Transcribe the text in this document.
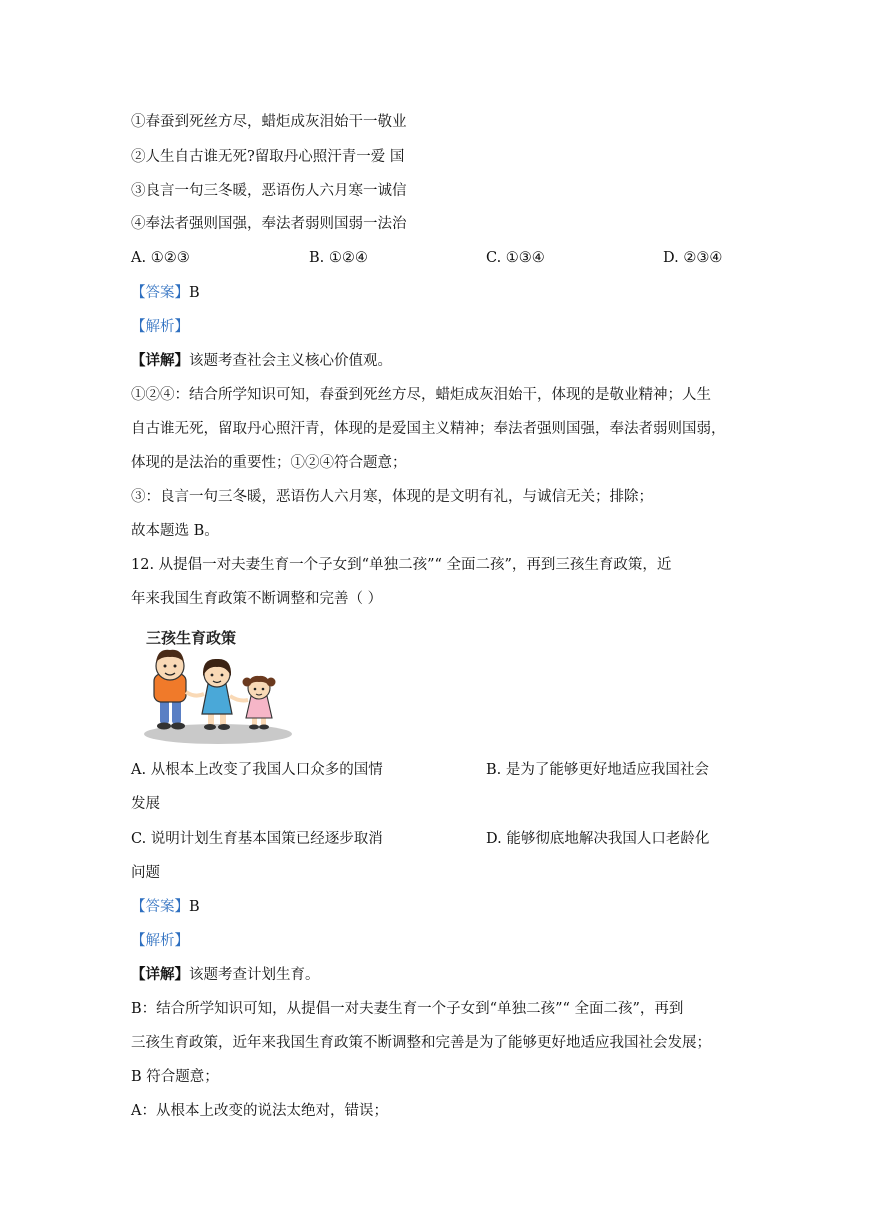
①春蚕到死丝方尽，蜡炬成灰泪始干一敬业
②人生自古谁无死?留取丹心照汗青一爱 国
③良言一句三冬暖，恶语伤人六月寒一诚信
④奉法者强则国强，奉法者弱则国弱一法治
A. ①②③	B. ①②④	C. ①③④	D. ②③④
【答案】B
【解析】
【详解】该题考查社会主义核心价值观。
①②④：结合所学知识可知，春蚕到死丝方尽，蜡炬成灰泪始干，体现的是敬业精神；人生
自古谁无死，留取丹心照汗青，体现的是爱国主义精神；奉法者强则国强，奉法者弱则国弱，
体现的是法治的重要性；①②④符合题意；
③：良言一句三冬暖，恶语伤人六月寒，体现的是文明有礼，与诚信无关；排除；
故本题选 B。
12. 从提倡一对夫妻生育一个子女到“单独二孩”“ 全面二孩”，再到三孩生育政策，近
年来我国生育政策不断调整和完善（ ）
三孩生育政策
A. 从根本上改变了我国人口众多的国情	B. 是为了能够更好地适应我国社会
发展
C. 说明计划生育基本国策已经逐步取消	D. 能够彻底地解决我国人口老龄化
问题
【答案】B
【解析】
【详解】该题考查计划生育。
B：结合所学知识可知，从提倡一对夫妻生育一个子女到“单独二孩”“ 全面二孩”，再到
三孩生育政策，近年来我国生育政策不断调整和完善是为了能够更好地适应我国社会发展；
B 符合题意；
A：从根本上改变的说法太绝对，错误；
